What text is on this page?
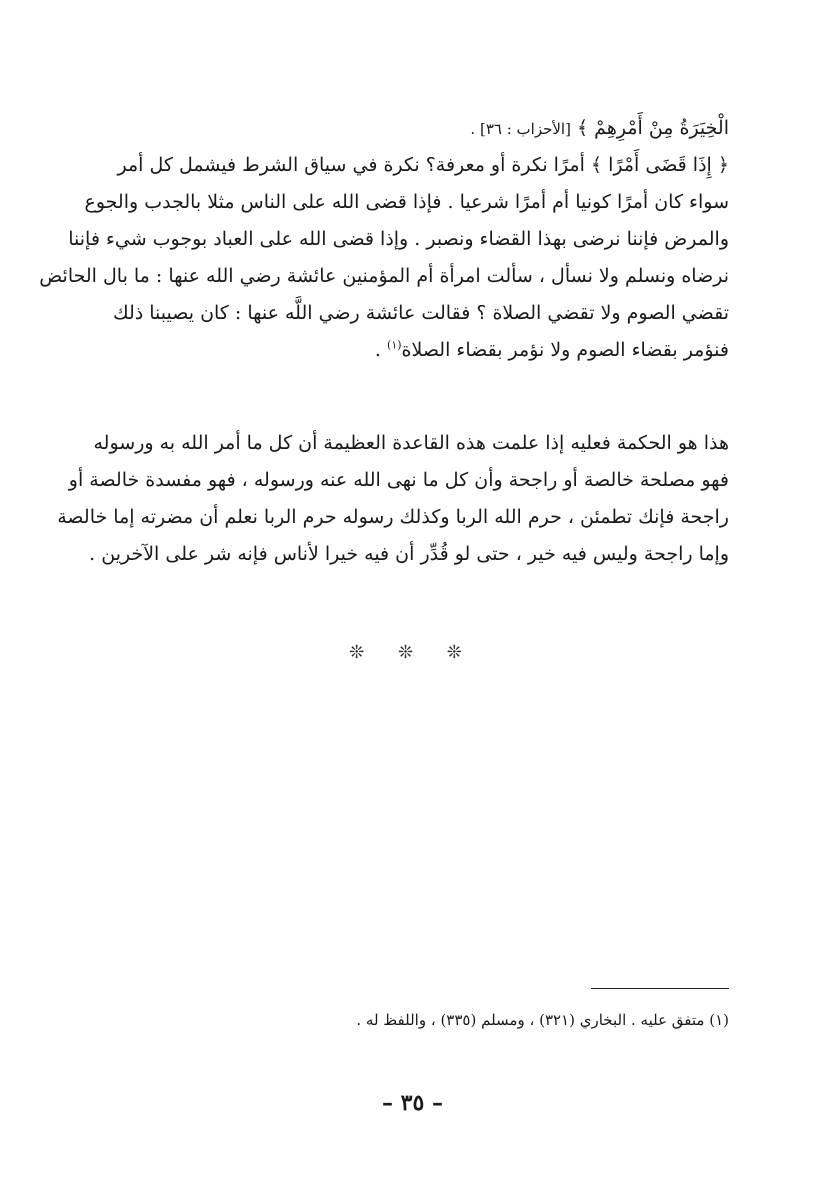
الْخِيَرَةُ مِنْ أَمْرِهِمْ ﴾ [الأحزاب : ٣٦] .
﴿ إِذَا قَضَى أَمْرًا ﴾ أمرًا نكرة أو معرفة؟ نكرة في سياق الشرط فيشمل كل أمر
سواء كان أمرًا كونيا أم أمرًا شرعيا . فإذا قضى الله على الناس مثلا بالجدب والجوع
والمرض فإننا نرضى بهذا القضاء ونصبر . وإذا قضى الله على العباد بوجوب شيء فإننا
نرضاه ونسلم ولا نسأل ، سألت امرأة أم المؤمنين عائشة رضي الله عنها : ما بال الحائض
تقضي الصوم ولا تقضي الصلاة ؟ فقالت عائشة رضي اللَّه عنها : كان يصيبنا ذلك
فنؤمر بقضاء الصوم ولا نؤمر بقضاء الصلاة$^{(١)}$ .
هذا هو الحكمة فعليه إذا علمت هذه القاعدة العظيمة أن كل ما أمر الله به ورسوله
فهو مصلحة خالصة أو راجحة وأن كل ما نهى الله عنه ورسوله ، فهو مفسدة خالصة أو
راجحة فإنك تطمئن ، حرم الله الربا وكذلك رسوله حرم الربا نعلم أن مضرته إما خالصة
وإما راجحة وليس فيه خير ، حتى لو قُدِّر أن فيه خيرا لأناس فإنه شر على الآخرين .
❊ ❊ ❊
(١) متفق عليه . البخاري (٣٢١) ، ومسلم (٣٣٥) ، واللفظ له .
– ٣٥ –
